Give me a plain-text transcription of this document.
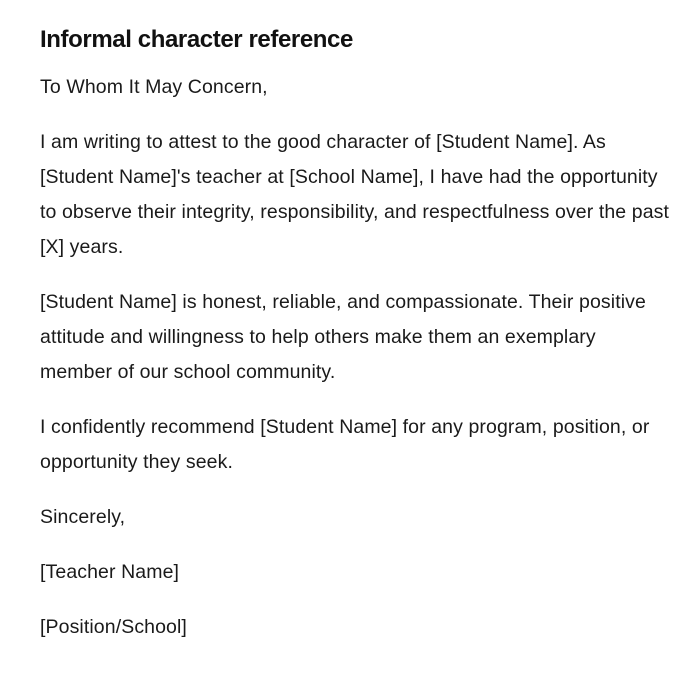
Informal character reference
To Whom It May Concern,
I am writing to attest to the good character of [Student Name]. As [Student Name]'s teacher at [School Name], I have had the opportunity to observe their integrity, responsibility, and respectfulness over the past [X] years.
[Student Name] is honest, reliable, and compassionate. Their positive attitude and willingness to help others make them an exemplary member of our school community.
I confidently recommend [Student Name] for any program, position, or opportunity they seek.
Sincerely,
[Teacher Name]
[Position/School]
